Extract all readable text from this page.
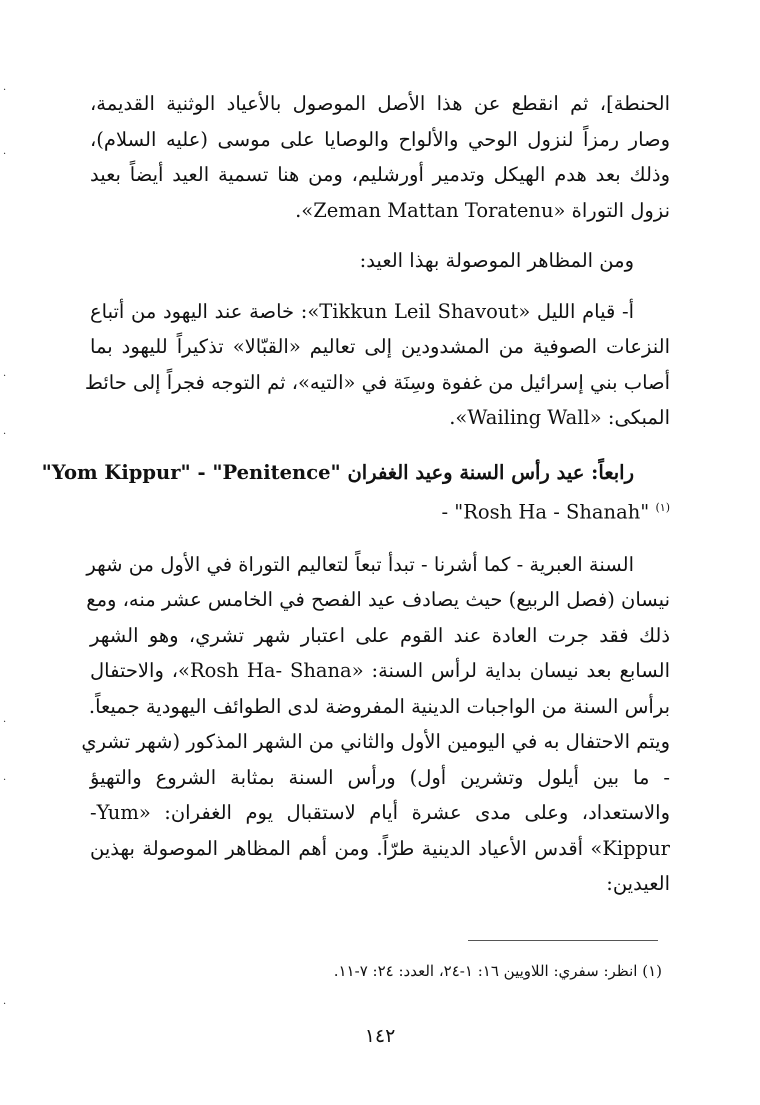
الحنطة]، ثم انقطع عن هذا الأصل الموصول بالأعياد الوثنية القديمة،
وصار رمزاً لنزول الوحي والألواح والوصايا على موسى (عليه السلام)،
وذلك بعد هدم الهيكل وتدمير أورشليم، ومن هنا تسمية العيد أيضاً بعيد
نزول التوراة «Zeman Mattan Toratenu».
ومن المظاهر الموصولة بهذا العيد:
أ- قيام الليل «Tikkun Leil Shavout»: خاصة عند اليهود من أتباع
النزعات الصوفية من المشدودين إلى تعاليم «القبّالا» تذكيراً لليهود بما
أصاب بني إسرائيل من غفوة وسِنَة في «التيه»، ثم التوجه فجراً إلى حائط
المبكى: «Wailing Wall».
رابعاً: عيد رأس السنة وعيد الغفران "Yom Kippur" - "Penitence"
$^{(١)}$ "Rosh Ha - Shanah" -
السنة العبرية - كما أشرنا - تبدأ تبعاً لتعاليم التوراة في الأول من شهر
نيسان (فصل الربيع) حيث يصادف عيد الفصح في الخامس عشر منه، ومع
ذلك فقد جرت العادة عند القوم على اعتبار شهر تشري، وهو الشهر
السابع بعد نيسان بداية لرأس السنة: «Rosh Ha- Shana»، والاحتفال
برأس السنة من الواجبات الدينية المفروضة لدى الطوائف اليهودية جميعاً.
ويتم الاحتفال به في اليومين الأول والثاني من الشهر المذكور (شهر تشري
- ما بين أيلول وتشرين أول) ورأس السنة بمثابة الشروع والتهيؤ
والاستعداد، وعلى مدى عشرة أيام لاستقبال يوم الغفران: «Yum-
Kippur» أقدس الأعياد الدينية طرّاً. ومن أهم المظاهر الموصولة بهذين
العيدين:
(١) انظر: سفري: اللاويين ١٦: ١-٢٤، العدد: ٢٤: ٧-١١.
١٤٢
·
·
·
·
·
·
·
